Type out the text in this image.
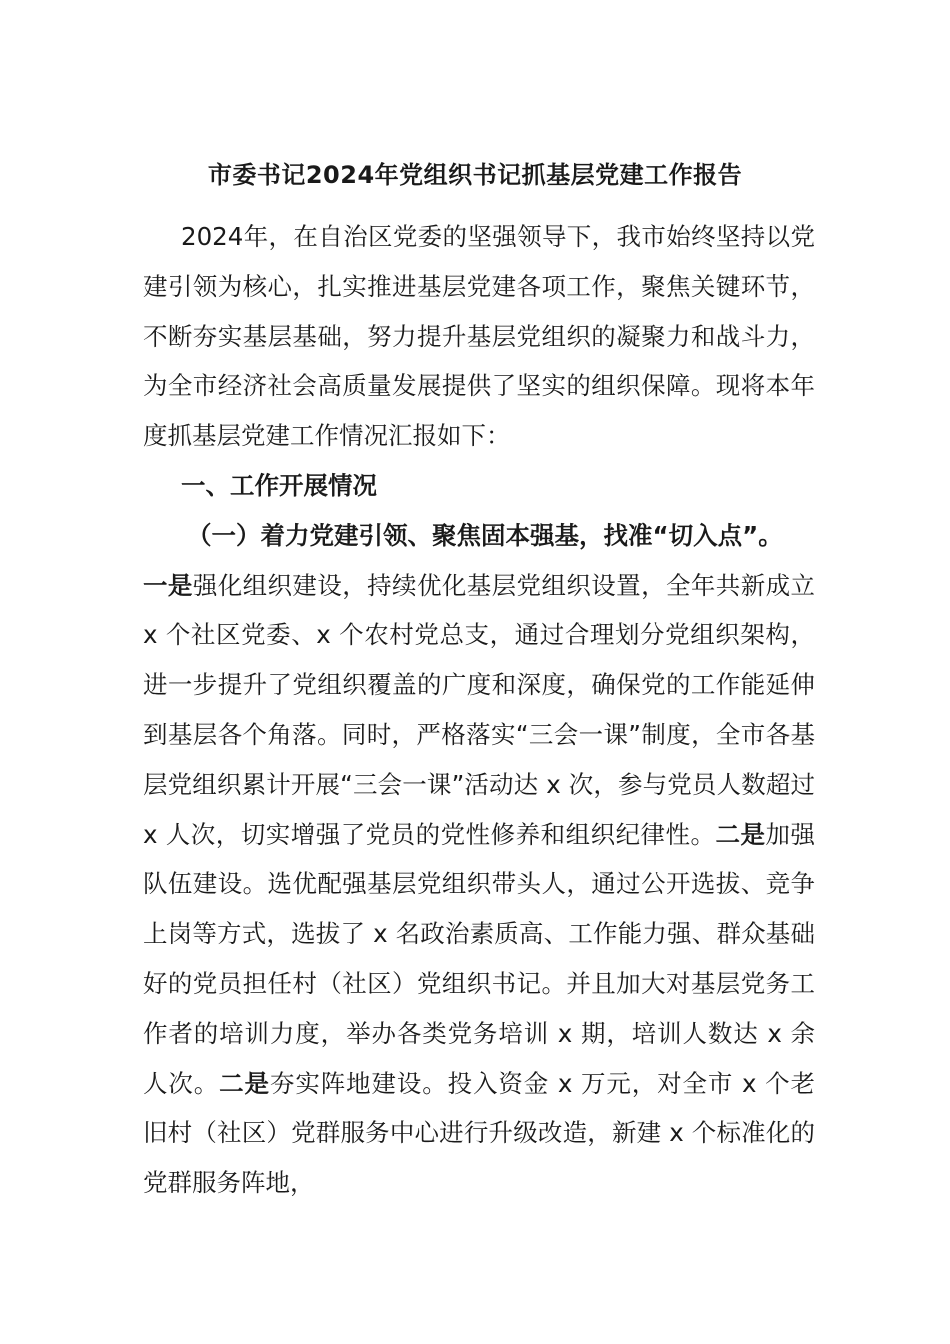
市委书记2024年党组织书记抓基层党建工作报告

2024年，在自治区党委的坚强领导下，我市始终坚持以党建引领为核心，扎实推进基层党建各项工作，聚焦关键环节，不断夯实基层基础，努力提升基层党组织的凝聚力和战斗力，为全市经济社会高质量发展提供了坚实的组织保障。现将本年度抓基层党建工作情况汇报如下：

一、工作开展情况

（一）着力党建引领、聚焦固本强基，找准“切入点”。

一是强化组织建设，持续优化基层党组织设置，全年共新成立 x 个社区党委、x 个农村党总支，通过合理划分党组织架构，进一步提升了党组织覆盖的广度和深度，确保党的工作能延伸到基层各个角落。同时，严格落实“三会一课”制度，全市各基层党组织累计开展“三会一课”活动达 x 次，参与党员人数超过 x 人次，切实增强了党员的党性修养和组织纪律性。二是加强队伍建设。选优配强基层党组织带头人，通过公开选拔、竞争上岗等方式，选拔了 x 名政治素质高、工作能力强、群众基础好的党员担任村（社区）党组织书记。并且加大对基层党务工作者的培训力度，举办各类党务培训 x 期，培训人数达 x 余人次。二是夯实阵地建设。投入资金 x 万元，对全市 x 个老旧村（社区）党群服务中心进行升级改造，新建 x 个标准化的党群服务阵地，
